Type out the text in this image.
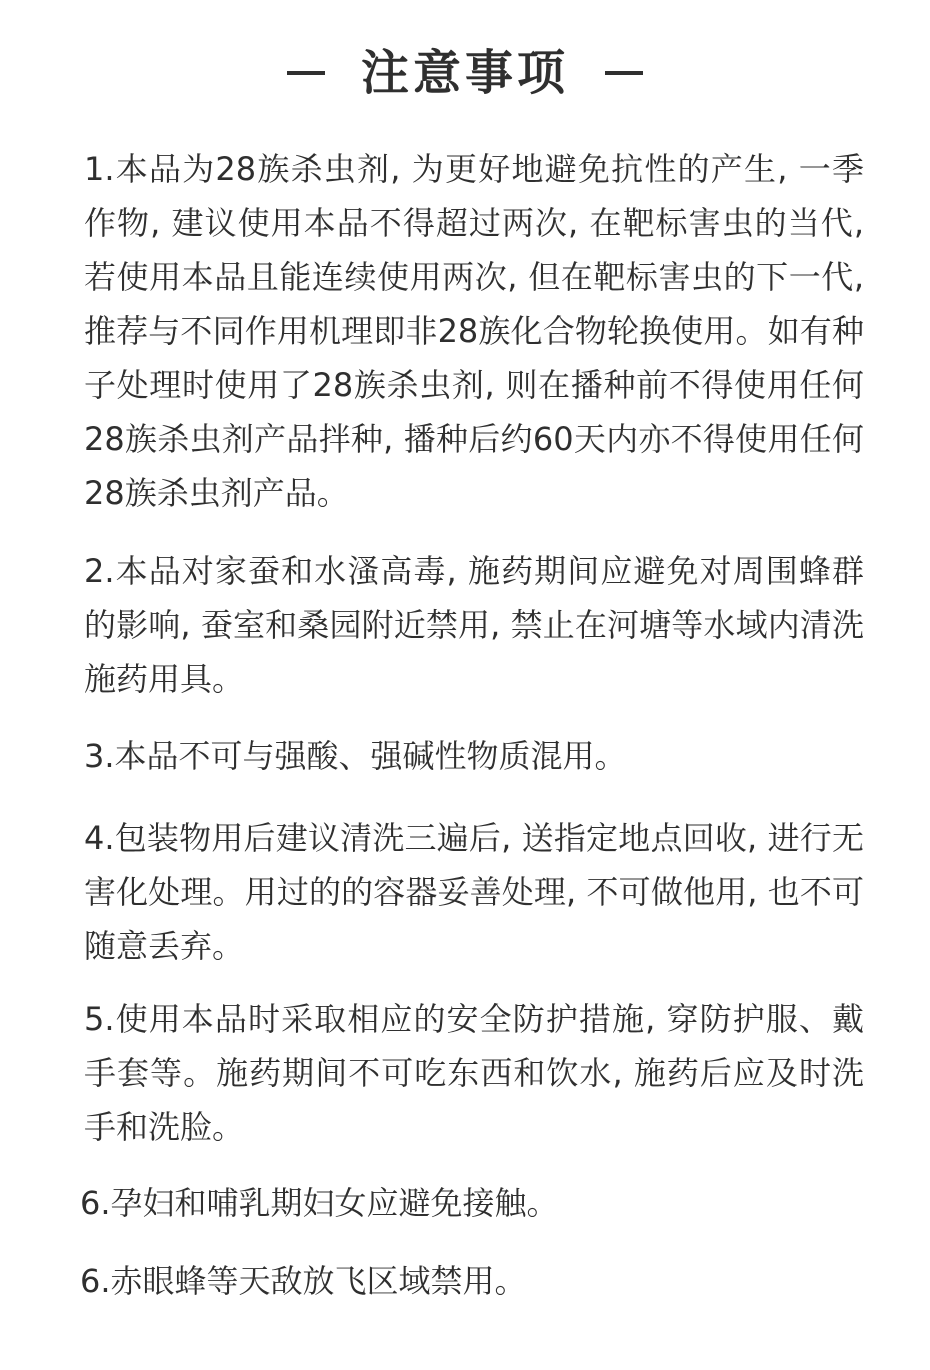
注意事项

1.本品为28族杀虫剂, 为更好地避免抗性的产生, 一季作物, 建议使用本品不得超过两次, 在靶标害虫的当代, 若使用本品且能连续使用两次, 但在靶标害虫的下一代, 推荐与不同作用机理即非28族化合物轮换使用。如有种子处理时使用了28族杀虫剂, 则在播种前不得使用任何28族杀虫剂产品拌种, 播种后约60天内亦不得使用任何28族杀虫剂产品。

2.本品对家蚕和水溞高毒, 施药期间应避免对周围蜂群的影响, 蚕室和桑园附近禁用, 禁止在河塘等水域内清洗施药用具。

3.本品不可与强酸、强碱性物质混用。

4.包装物用后建议清洗三遍后, 送指定地点回收, 进行无害化处理。用过的的容器妥善处理, 不可做他用, 也不可随意丢弃。

5.使用本品时采取相应的安全防护措施, 穿防护服、戴手套等。施药期间不可吃东西和饮水, 施药后应及时洗手和洗脸。

6.孕妇和哺乳期妇女应避免接触。

6.赤眼蜂等天敌放飞区域禁用。
